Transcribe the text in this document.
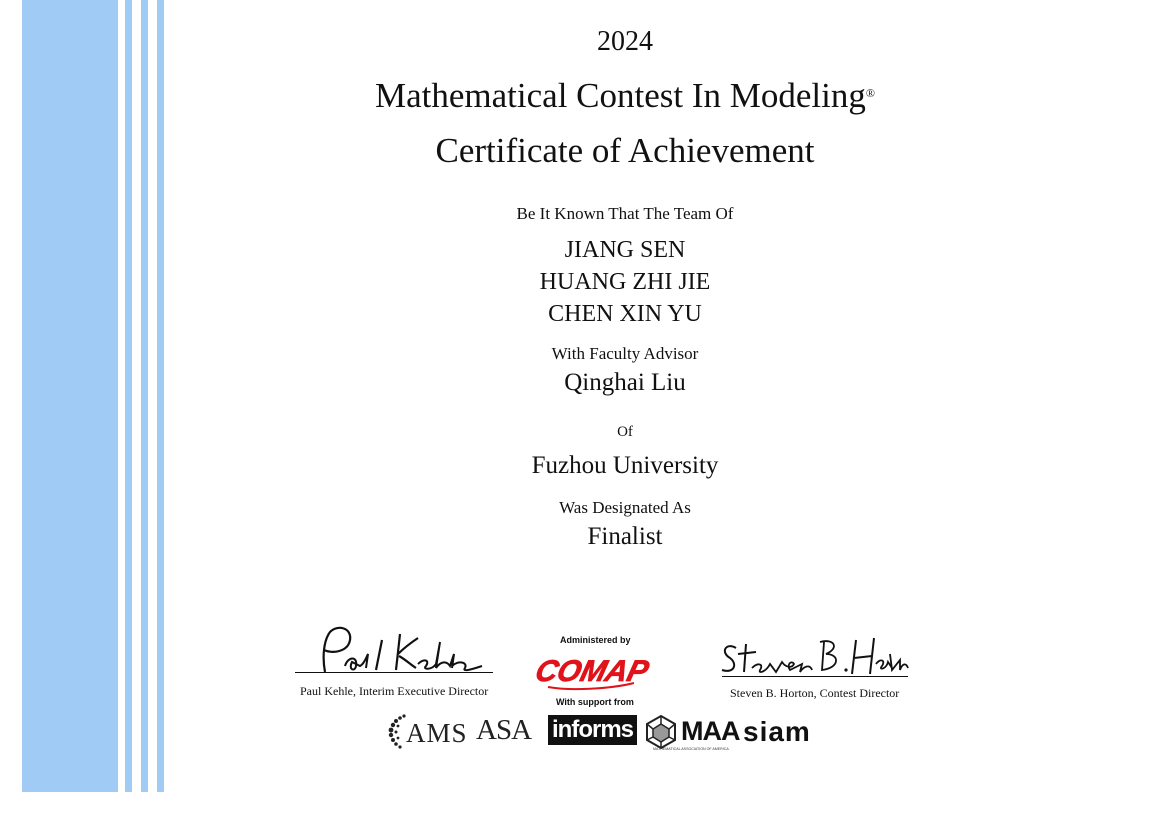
2024
Mathematical Contest In Modeling®
Certificate of Achievement
Be It Known That The Team Of
JIANG SEN
HUANG ZHI JIE
CHEN XIN YU
With Faculty Advisor
Qinghai Liu
Of
Fuzhou University
Was Designated As
Finalist
Paul Kehle, Interim Executive Director	Steven B. Horton, Contest Director
Administered by
COMAP
With support from
AMS ASA informs MAA
MATHEMATICAL ASSOCIATION OF AMERICA
siam
